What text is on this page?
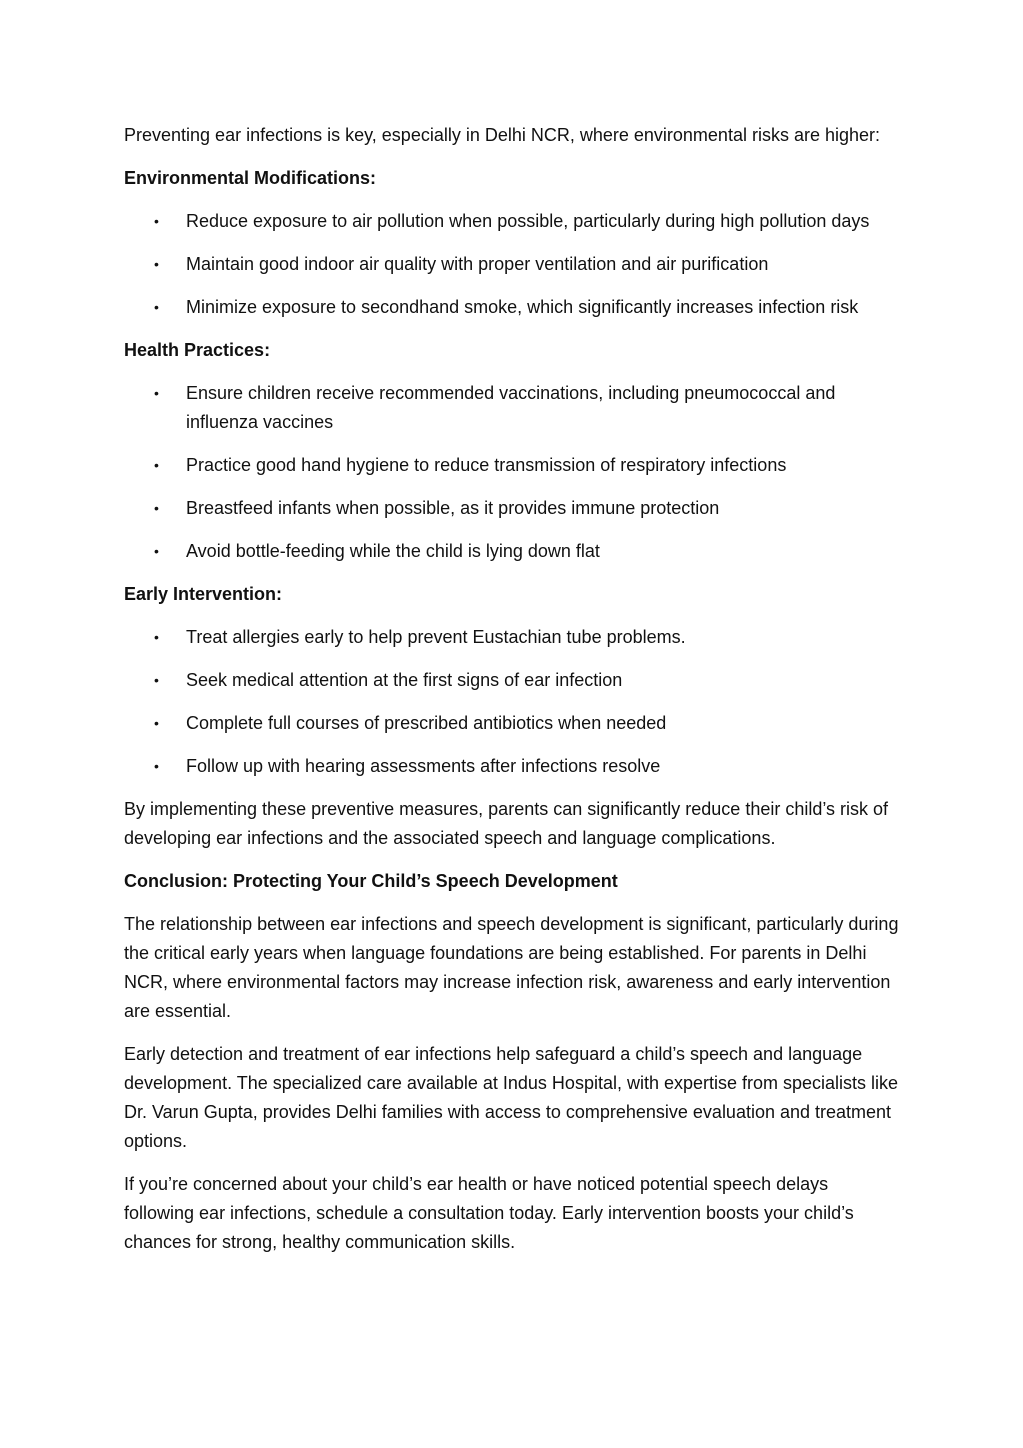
Preventing ear infections is key, especially in Delhi NCR, where environmental risks are higher:

Environmental Modifications:
• Reduce exposure to air pollution when possible, particularly during high pollution days
• Maintain good indoor air quality with proper ventilation and air purification
• Minimize exposure to secondhand smoke, which significantly increases infection risk
Health Practices:
• Ensure children receive recommended vaccinations, including pneumococcal and influenza vaccines
• Practice good hand hygiene to reduce transmission of respiratory infections
• Breastfeed infants when possible, as it provides immune protection
• Avoid bottle-feeding while the child is lying down flat
Early Intervention:
• Treat allergies early to help prevent Eustachian tube problems.
• Seek medical attention at the first signs of ear infection
• Complete full courses of prescribed antibiotics when needed
• Follow up with hearing assessments after infections resolve

By implementing these preventive measures, parents can significantly reduce their child’s risk of developing ear infections and the associated speech and language complications.

Conclusion: Protecting Your Child’s Speech Development

The relationship between ear infections and speech development is significant, particularly during the critical early years when language foundations are being established. For parents in Delhi NCR, where environmental factors may increase infection risk, awareness and early intervention are essential.

Early detection and treatment of ear infections help safeguard a child’s speech and language development. The specialized care available at Indus Hospital, with expertise from specialists like Dr. Varun Gupta, provides Delhi families with access to comprehensive evaluation and treatment options.

If you’re concerned about your child’s ear health or have noticed potential speech delays following ear infections, schedule a consultation today. Early intervention boosts your child’s chances for strong, healthy communication skills.
